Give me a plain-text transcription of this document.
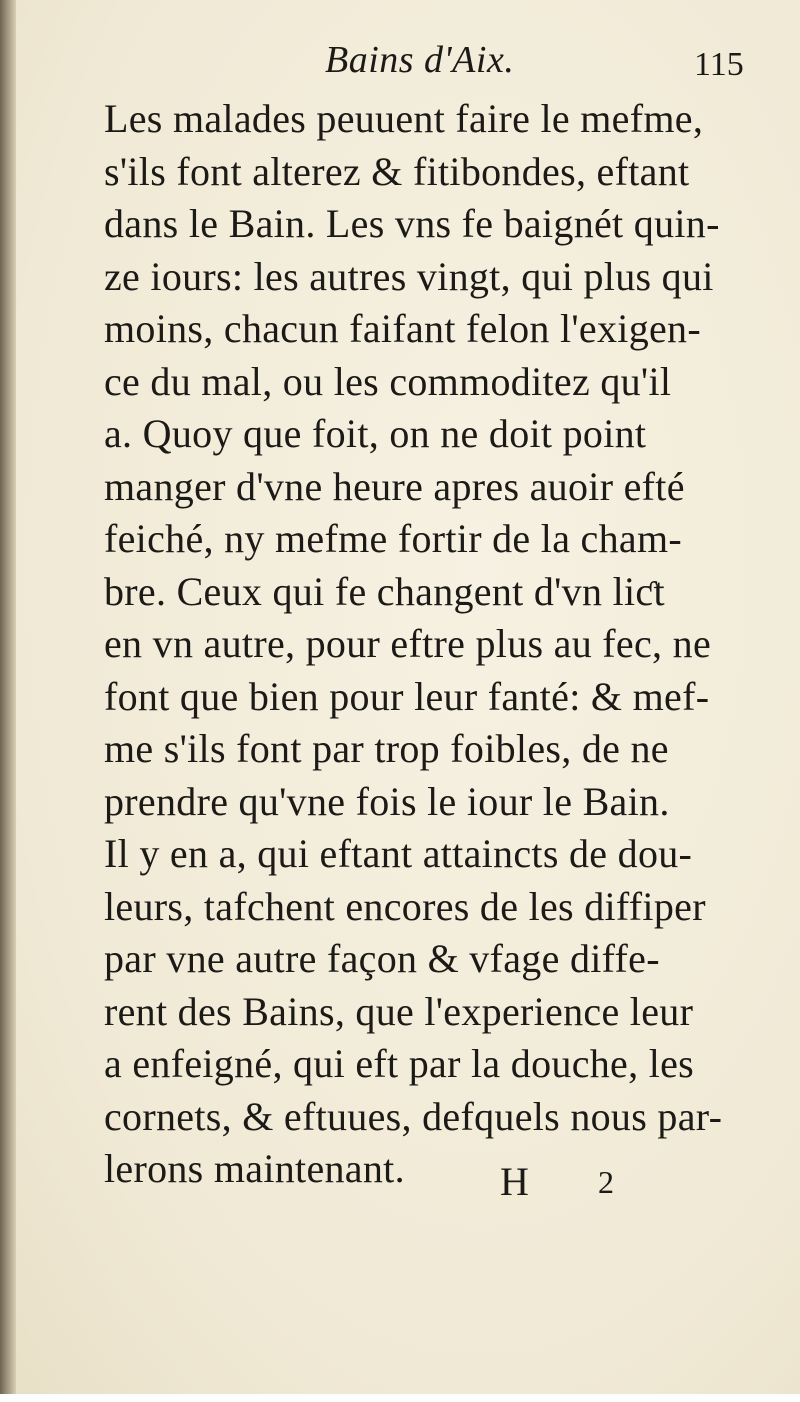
Bains d'Aix.	115
Les malades peuuent faire le mefme,
s'ils font alterez & fitibondes, eftant
dans le Bain. Les vns fe baignét quin-
ze iours: les autres vingt, qui plus qui
moins, chacun faifant felon l'exigen-
ce du mal, ou les commoditez qu'il
a. Quoy que foit, on ne doit point
manger d'vne heure apres auoir efté
feiché, ny mefme fortir de la cham-
bre. Ceux qui fe changent d'vn liƈt
en vn autre, pour eftre plus au fec, ne
font que bien pour leur fanté: & mef-
me s'ils font par trop foibles, de ne
prendre qu'vne fois le iour le Bain.
Il y en a, qui eftant attaincts de dou-
leurs, tafchent encores de les diffiper
par vne autre façon & vfage diffe-
rent des Bains, que l'experience leur
a enfeigné, qui eft par la douche, les
cornets, & eftuues, defquels nous par-
lerons maintenant.	H 2
